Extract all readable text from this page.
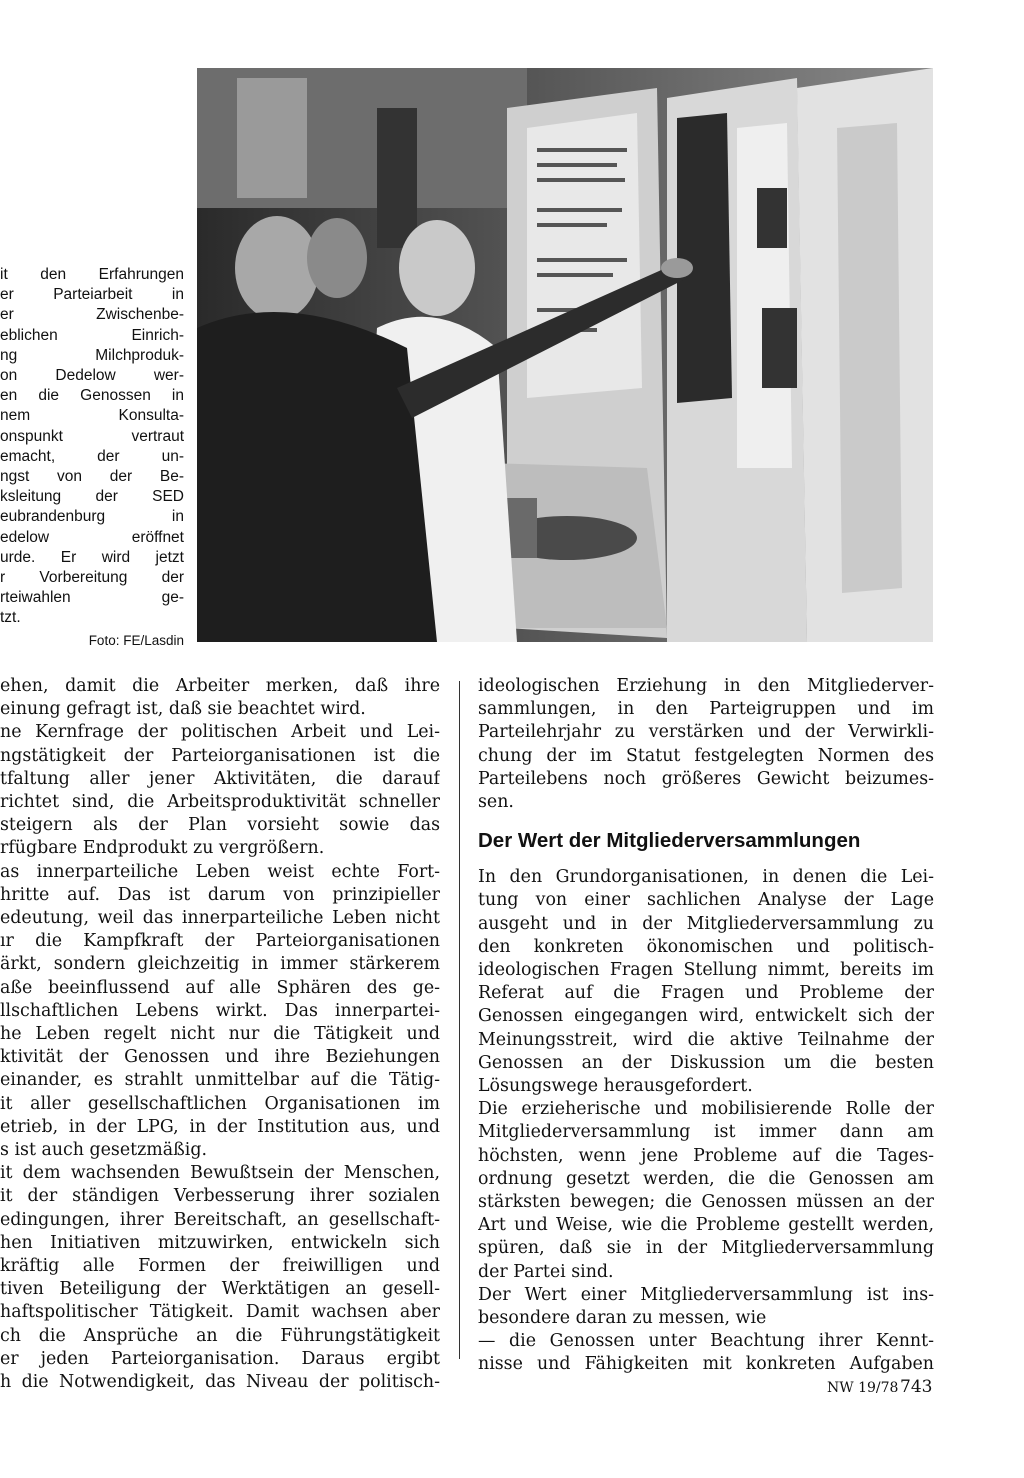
it den Erfahrungen
er Parteiarbeit in
er Zwischenbe-
eblichen Einrich-
ng Milchproduk-
on Dedelow wer-
en die Genossen in
nem Konsulta-
onspunkt vertraut
emacht, der un-
ngst von der Be-
ksleitung der SED
eubrandenburg in
edelow eröffnet
urde. Er wird jetzt
r Vorbereitung der
rteiwahlen ge-
tzt.
Foto: FE/Lasdin
ehen, damit die Arbeiter merken, daß ihre
einung gefragt ist, daß sie beachtet wird.
ne Kernfrage der politischen Arbeit und Lei-
ngstätigkeit der Parteiorganisationen ist die
tfaltung aller jener Aktivitäten, die darauf
richtet sind, die Arbeitsproduktivität schneller
steigern als der Plan vorsieht sowie das
rfügbare Endprodukt zu vergrößern.
as innerparteiliche Leben weist echte Fort-
hritte auf. Das ist darum von prinzipieller
edeutung, weil das innerparteiliche Leben nicht
ır die Kampfkraft der Parteiorganisationen
ärkt, sondern gleichzeitig in immer stärkerem
aße beeinflussend auf alle Sphären des ge-
llschaftlichen Lebens wirkt. Das innerpartei-
he Leben regelt nicht nur die Tätigkeit und
ktivität der Genossen und ihre Beziehungen
einander, es strahlt unmittelbar auf die Tätig-
it aller gesellschaftlichen Organisationen im
etrieb, in der LPG, in der Institution aus, und
s ist auch gesetzmäßig.
it dem wachsenden Bewußtsein der Menschen,
it der ständigen Verbesserung ihrer sozialen
edingungen, ihrer Bereitschaft, an gesellschaft-
hen Initiativen mitzuwirken, entwickeln sich
kräftig alle Formen der freiwilligen und
tiven Beteiligung der Werktätigen an gesell-
haftspolitischer Tätigkeit. Damit wachsen aber
ch die Ansprüche an die Führungstätigkeit
er jeden Parteiorganisation. Daraus ergibt
h die Notwendigkeit, das Niveau der politisch-
ideologischen Erziehung in den Mitgliederver-
sammlungen, in den Parteigruppen und im
Parteilehrjahr zu verstärken und der Verwirkli-
chung der im Statut festgelegten Normen des
Parteilebens noch größeres Gewicht beizumes-
sen.
Der Wert der Mitgliederversammlungen
In den Grundorganisationen, in denen die Lei-
tung von einer sachlichen Analyse der Lage
ausgeht und in der Mitgliederversammlung zu
den konkreten ökonomischen und politisch-
ideologischen Fragen Stellung nimmt, bereits im
Referat auf die Fragen und Probleme der
Genossen eingegangen wird, entwickelt sich der
Meinungsstreit, wird die aktive Teilnahme der
Genossen an der Diskussion um die besten
Lösungswege herausgefordert.
Die erzieherische und mobilisierende Rolle der
Mitgliederversammlung ist immer dann am
höchsten, wenn jene Probleme auf die Tages-
ordnung gesetzt werden, die die Genossen am
stärksten bewegen; die Genossen müssen an der
Art und Weise, wie die Probleme gestellt werden,
spüren, daß sie in der Mitgliederversammlung
der Partei sind.
Der Wert einer Mitgliederversammlung ist ins-
besondere daran zu messen, wie
— die Genossen unter Beachtung ihrer Kennt-
nisse und Fähigkeiten mit konkreten Aufgaben
NW 19/78 743
